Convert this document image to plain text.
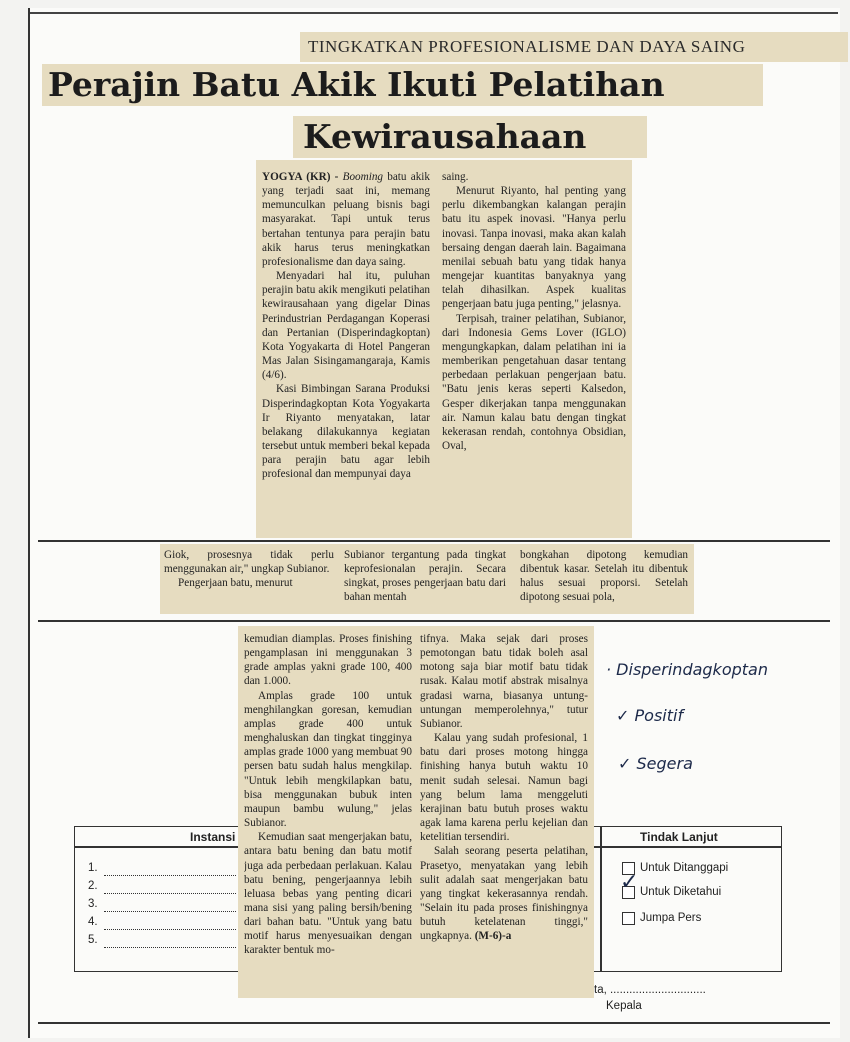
TINGKATKAN PROFESIONALISME DAN DAYA SAING
Perajin Batu Akik Ikuti Pelatihan
Kewirausahaan

YOGYA (KR) - Booming batu akik yang terjadi saat ini, memang memunculkan peluang bisnis bagi masyarakat. Tapi untuk terus bertahan tentunya para perajin batu akik harus terus meningkatkan profesionalisme dan daya saing.

Menyadari hal itu, puluhan perajin batu akik mengikuti pelatihan kewirausahaan yang digelar Dinas Perindustrian Perdagangan Koperasi dan Pertanian (Disperindagkoptan) Kota Yogyakarta di Hotel Pangeran Mas Jalan Sisingamangaraja, Kamis (4/6).

Kasi Bimbingan Sarana Produksi Disperindagkoptan Kota Yogyakarta Ir Riyanto menyatakan, latar belakang dilakukannya kegiatan tersebut untuk memberi bekal kepada para perajin batu agar lebih profesional dan mempunyai daya

saing.

Menurut Riyanto, hal penting yang perlu dikembangkan kalangan perajin batu itu aspek inovasi. "Hanya perlu inovasi. Tanpa inovasi, maka akan kalah bersaing dengan daerah lain. Bagaimana menilai sebuah batu yang tidak hanya mengejar kuantitas banyaknya yang telah dihasilkan. Aspek kualitas pengerjaan batu juga penting," jelasnya.

Terpisah, trainer pelatihan, Subianor, dari Indonesia Gems Lover (IGLO) mengungkapkan, dalam pelatihan ini ia memberikan pengetahuan dasar tentang perbedaan perlakuan pengerjaan batu. "Batu jenis keras seperti Kalsedon, Gesper dikerjakan tanpa menggunakan air. Namun kalau batu dengan tingkat kekerasan rendah, contohnya Obsidian, Oval,

Giok, prosesnya tidak perlu menggunakan air," ungkap Subianor.

Pengerjaan batu, menurut

Subianor tergantung pada tingkat keprofesionalan perajin. Secara singkat, proses pengerjaan batu dari bahan mentah

bongkahan dipotong kemudian dibentuk kasar. Setelah itu dibentuk halus sesuai proporsi. Setelah dipotong sesuai pola,

Instansi
1.
2.
3.
4.
5.
Tindak Lanjut
Untuk Ditanggapi
✓ Untuk Diketahui
Jumpa Pers
ta, ..............................
Kepala

kemudian diamplas. Proses finishing pengamplasan ini menggunakan 3 grade amplas yakni grade 100, 400 dan 1.000.

Amplas grade 100 untuk menghilangkan goresan, kemudian amplas grade 400 untuk menghaluskan dan tingkat tingginya amplas grade 1000 yang membuat 90 persen batu sudah halus mengkilap. "Untuk lebih mengkilapkan batu, bisa menggunakan bubuk inten maupun bambu wulung," jelas Subianor.

Kemudian saat mengerjakan batu, antara batu bening dan batu motif juga ada perbedaan perlakuan. Kalau batu bening, pengerjaannya lebih leluasa bebas yang penting dicari mana sisi yang paling bersih/bening dari bahan batu. "Untuk yang batu motif harus menyesuaikan dengan karakter bentuk mo-

tifnya. Maka sejak dari proses pemotongan batu tidak boleh asal motong saja biar motif batu tidak rusak. Kalau motif abstrak misalnya gradasi warna, biasanya untung-untungan memperolehnya," tutur Subianor.

Kalau yang sudah profesional, 1 batu dari proses motong hingga finishing hanya butuh waktu 10 menit sudah selesai. Namun bagi yang belum lama menggeluti kerajinan batu butuh proses waktu agak lama karena perlu kejelian dan ketelitian tersendiri.

Salah seorang peserta pelatihan, Prasetyo, menyatakan yang lebih sulit adalah saat mengerjakan batu yang tingkat kekerasannya rendah. "Selain itu pada proses finishingnya butuh ketelatenan tinggi," ungkapnya. (M-6)-a

· Disperindagkoptan
✓ Positif
✓ Segera
